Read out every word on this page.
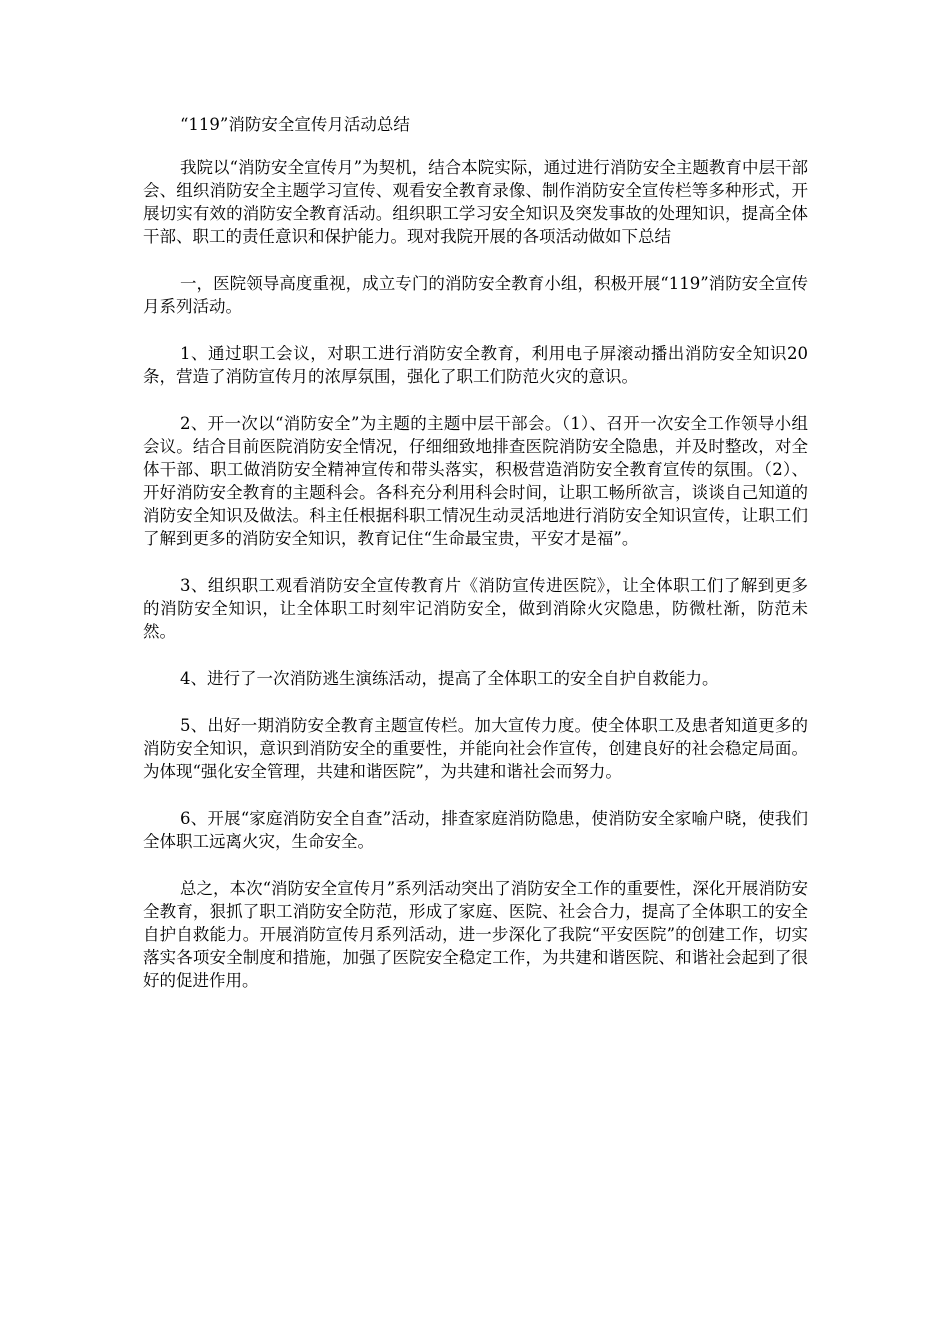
“119”消防安全宣传月活动总结

我院以“消防安全宣传月”为契机，结合本院实际，通过进行消防安全主题教育中层干部会、组织消防安全主题学习宣传、观看安全教育录像、制作消防安全宣传栏等多种形式，开展切实有效的消防安全教育活动。组织职工学习安全知识及突发事故的处理知识，提高全体干部、职工的责任意识和保护能力。现对我院开展的各项活动做如下总结

一，医院领导高度重视，成立专门的消防安全教育小组，积极开展“119”消防安全宣传月系列活动。

1、通过职工会议，对职工进行消防安全教育，利用电子屏滚动播出消防安全知识20条，营造了消防宣传月的浓厚氛围，强化了职工们防范火灾的意识。

2、开一次以“消防安全”为主题的主题中层干部会。（1）、召开一次安全工作领导小组会议。结合目前医院消防安全情况，仔细细致地排查医院消防安全隐患，并及时整改，对全体干部、职工做消防安全精神宣传和带头落实，积极营造消防安全教育宣传的氛围。（2）、开好消防安全教育的主题科会。各科充分利用科会时间，让职工畅所欲言，谈谈自己知道的消防安全知识及做法。科主任根据科职工情况生动灵活地进行消防安全知识宣传，让职工们了解到更多的消防安全知识，教育记住“生命最宝贵，平安才是福”。

3、组织职工观看消防安全宣传教育片《消防宣传进医院》，让全体职工们了解到更多的消防安全知识，让全体职工时刻牢记消防安全，做到消除火灾隐患，防微杜渐，防范未然。

4、进行了一次消防逃生演练活动，提高了全体职工的安全自护自救能力。

5、出好一期消防安全教育主题宣传栏。加大宣传力度。使全体职工及患者知道更多的消防安全知识，意识到消防安全的重要性，并能向社会作宣传，创建良好的社会稳定局面。为体现“强化安全管理，共建和谐医院”，为共建和谐社会而努力。

6、开展“家庭消防安全自查”活动，排查家庭消防隐患，使消防安全家喻户晓，使我们全体职工远离火灾，生命安全。

总之，本次“消防安全宣传月”系列活动突出了消防安全工作的重要性，深化开展消防安全教育，狠抓了职工消防安全防范，形成了家庭、医院、社会合力，提高了全体职工的安全自护自救能力。开展消防宣传月系列活动，进一步深化了我院“平安医院”的创建工作，切实落实各项安全制度和措施，加强了医院安全稳定工作，为共建和谐医院、和谐社会起到了很好的促进作用。
